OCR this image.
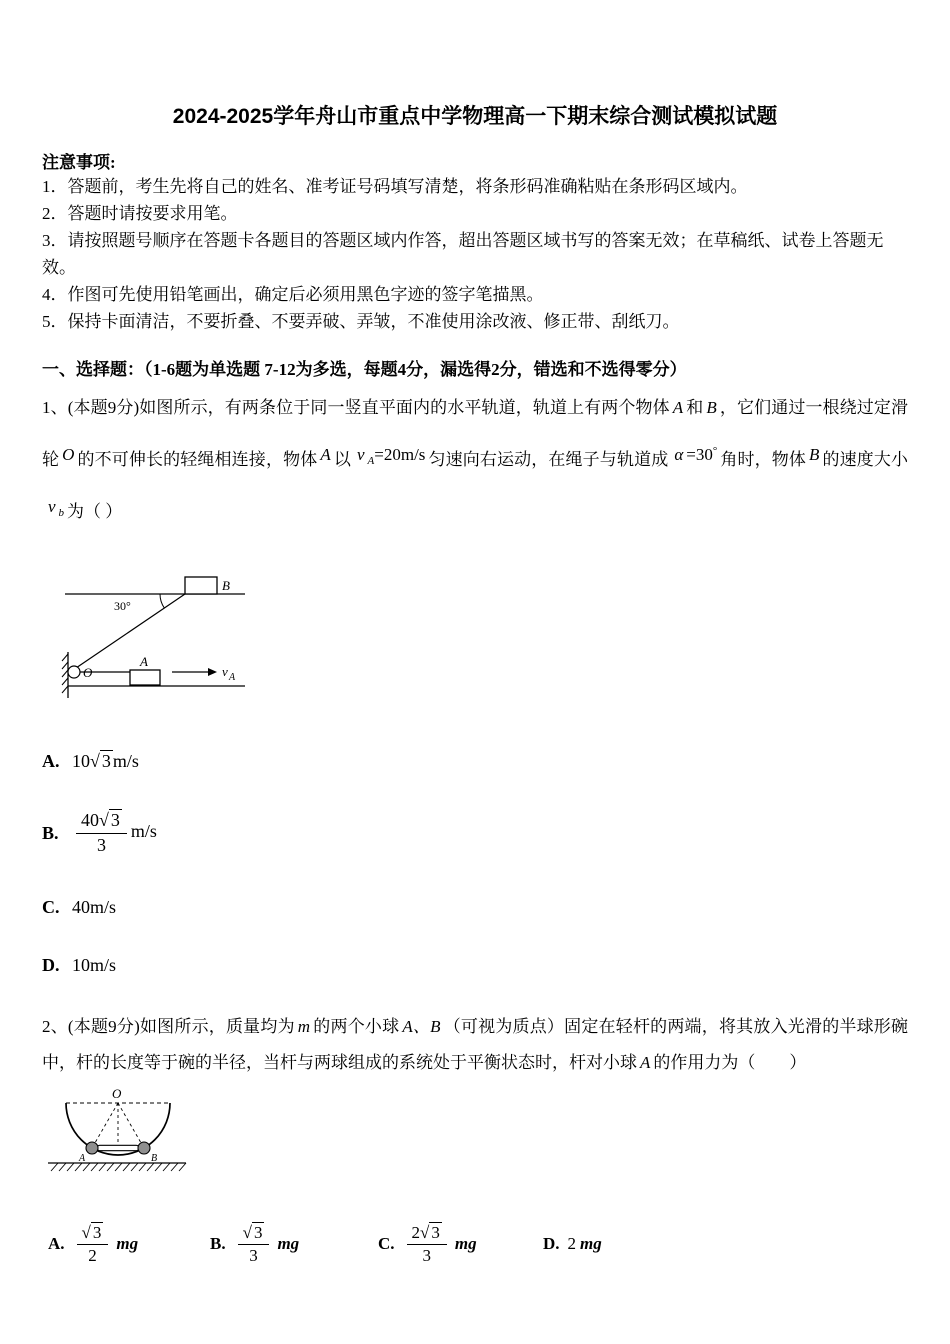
2024-2025学年舟山市重点中学物理高一下期末综合测试模拟试题
注意事项:
1．答题前，考生先将自己的姓名、准考证号码填写清楚，将条形码准确粘贴在条形码区域内。
2．答题时请按要求用笔。
3．请按照题号顺序在答题卡各题目的答题区域内作答，超出答题区域书写的答案无效；在草稿纸、试卷上答题无效。
4．作图可先使用铅笔画出，确定后必须用黑色字迹的签字笔描黑。
5．保持卡面清洁，不要折叠、不要弄破、弄皱，不准使用涂改液、修正带、刮纸刀。
一、选择题：（1-6题为单选题 7-12为多选，每题4分，漏选得2分，错选和不选得零分）

1、(本题9分)如图所示，有两条位于同一竖直平面内的水平轨道，轨道上有两个物体 A 和 B ，它们通过一根绕过定滑轮 O 的不可伸长的轻绳相连接，物体 A 以 v $_A$=20m/s 匀速向右运动，在绳子与轨道成 α =30° 角时，物体 B 的速度大小v $_b$ 为（ ）

B
30°
O
A
v A
A. 10√ 3 m/s
B. $\frac{40√ 3}{3} m/s$
C. 40m/s
D. 10m/s

2、(本题9分)如图所示，质量均为 m 的两个小球 A、B （可视为质点）固定在轻杆的两端，将其放入光滑的半球形碗中，杆的长度等于碗的半径，当杆与两球组成的系统处于平衡状态时，杆对小球 A 的作用力为（　　）

O
A	B
A. $\frac{√ 3}{2}$ mg	B. $\frac{√ 3}{3}$ mg	C. $\frac{2√ 3}{3}$ mg	D. 2 mg
